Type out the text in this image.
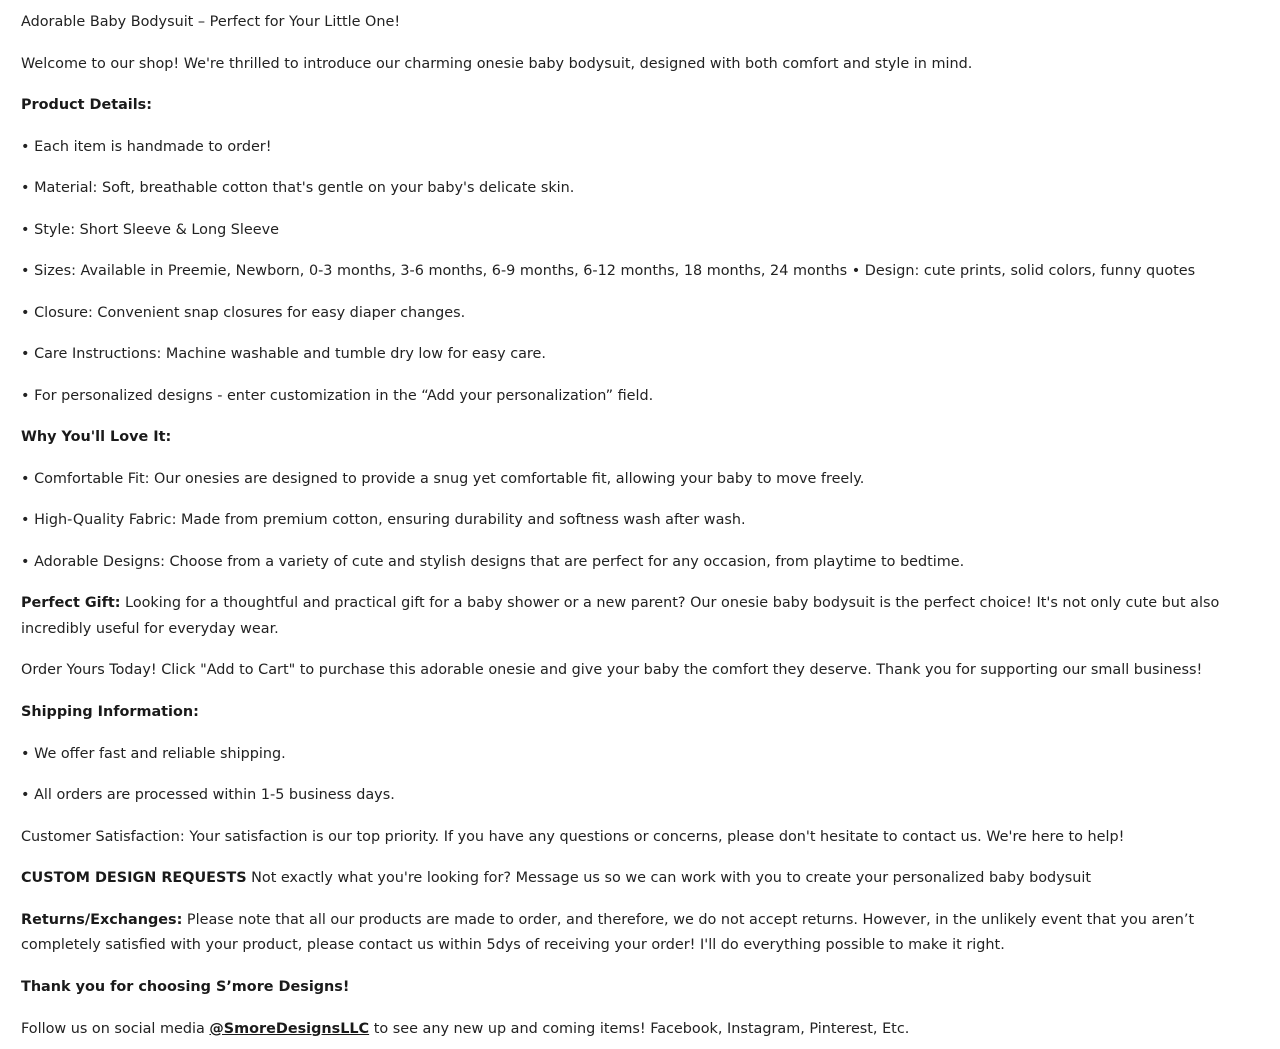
Adorable Baby Bodysuit – Perfect for Your Little One!

Welcome to our shop! We're thrilled to introduce our charming onesie baby bodysuit, designed with both comfort and style in mind.

Product Details:

• Each item is handmade to order!

• Material: Soft, breathable cotton that's gentle on your baby's delicate skin.

• Style: Short Sleeve & Long Sleeve

• Sizes: Available in Preemie, Newborn, 0-3 months, 3-6 months, 6-9 months, 6-12 months, 18 months, 24 months • Design: cute prints, solid colors, funny quotes

• Closure: Convenient snap closures for easy diaper changes.

• Care Instructions: Machine washable and tumble dry low for easy care.

• For personalized designs - enter customization in the “Add your personalization” field.

Why You'll Love It:

• Comfortable Fit: Our onesies are designed to provide a snug yet comfortable fit, allowing your baby to move freely.

• High-Quality Fabric: Made from premium cotton, ensuring durability and softness wash after wash.

• Adorable Designs: Choose from a variety of cute and stylish designs that are perfect for any occasion, from playtime to bedtime.

Perfect Gift: Looking for a thoughtful and practical gift for a baby shower or a new parent? Our onesie baby bodysuit is the perfect choice! It's not only cute but also incredibly useful for everyday wear.

Order Yours Today! Click "Add to Cart" to purchase this adorable onesie and give your baby the comfort they deserve. Thank you for supporting our small business!

Shipping Information:

• We offer fast and reliable shipping.

• All orders are processed within 1-5 business days.

Customer Satisfaction: Your satisfaction is our top priority. If you have any questions or concerns, please don't hesitate to contact us. We're here to help!

CUSTOM DESIGN REQUESTS Not exactly what you're looking for? Message us so we can work with you to create your personalized baby bodysuit

Returns/Exchanges: Please note that all our products are made to order, and therefore, we do not accept returns. However, in the unlikely event that you aren’t completely satisfied with your product, please contact us within 5dys of receiving your order! I'll do everything possible to make it right.

Thank you for choosing S’more Designs!

Follow us on social media @SmoreDesignsLLC to see any new up and coming items! Facebook, Instagram, Pinterest, Etc.
